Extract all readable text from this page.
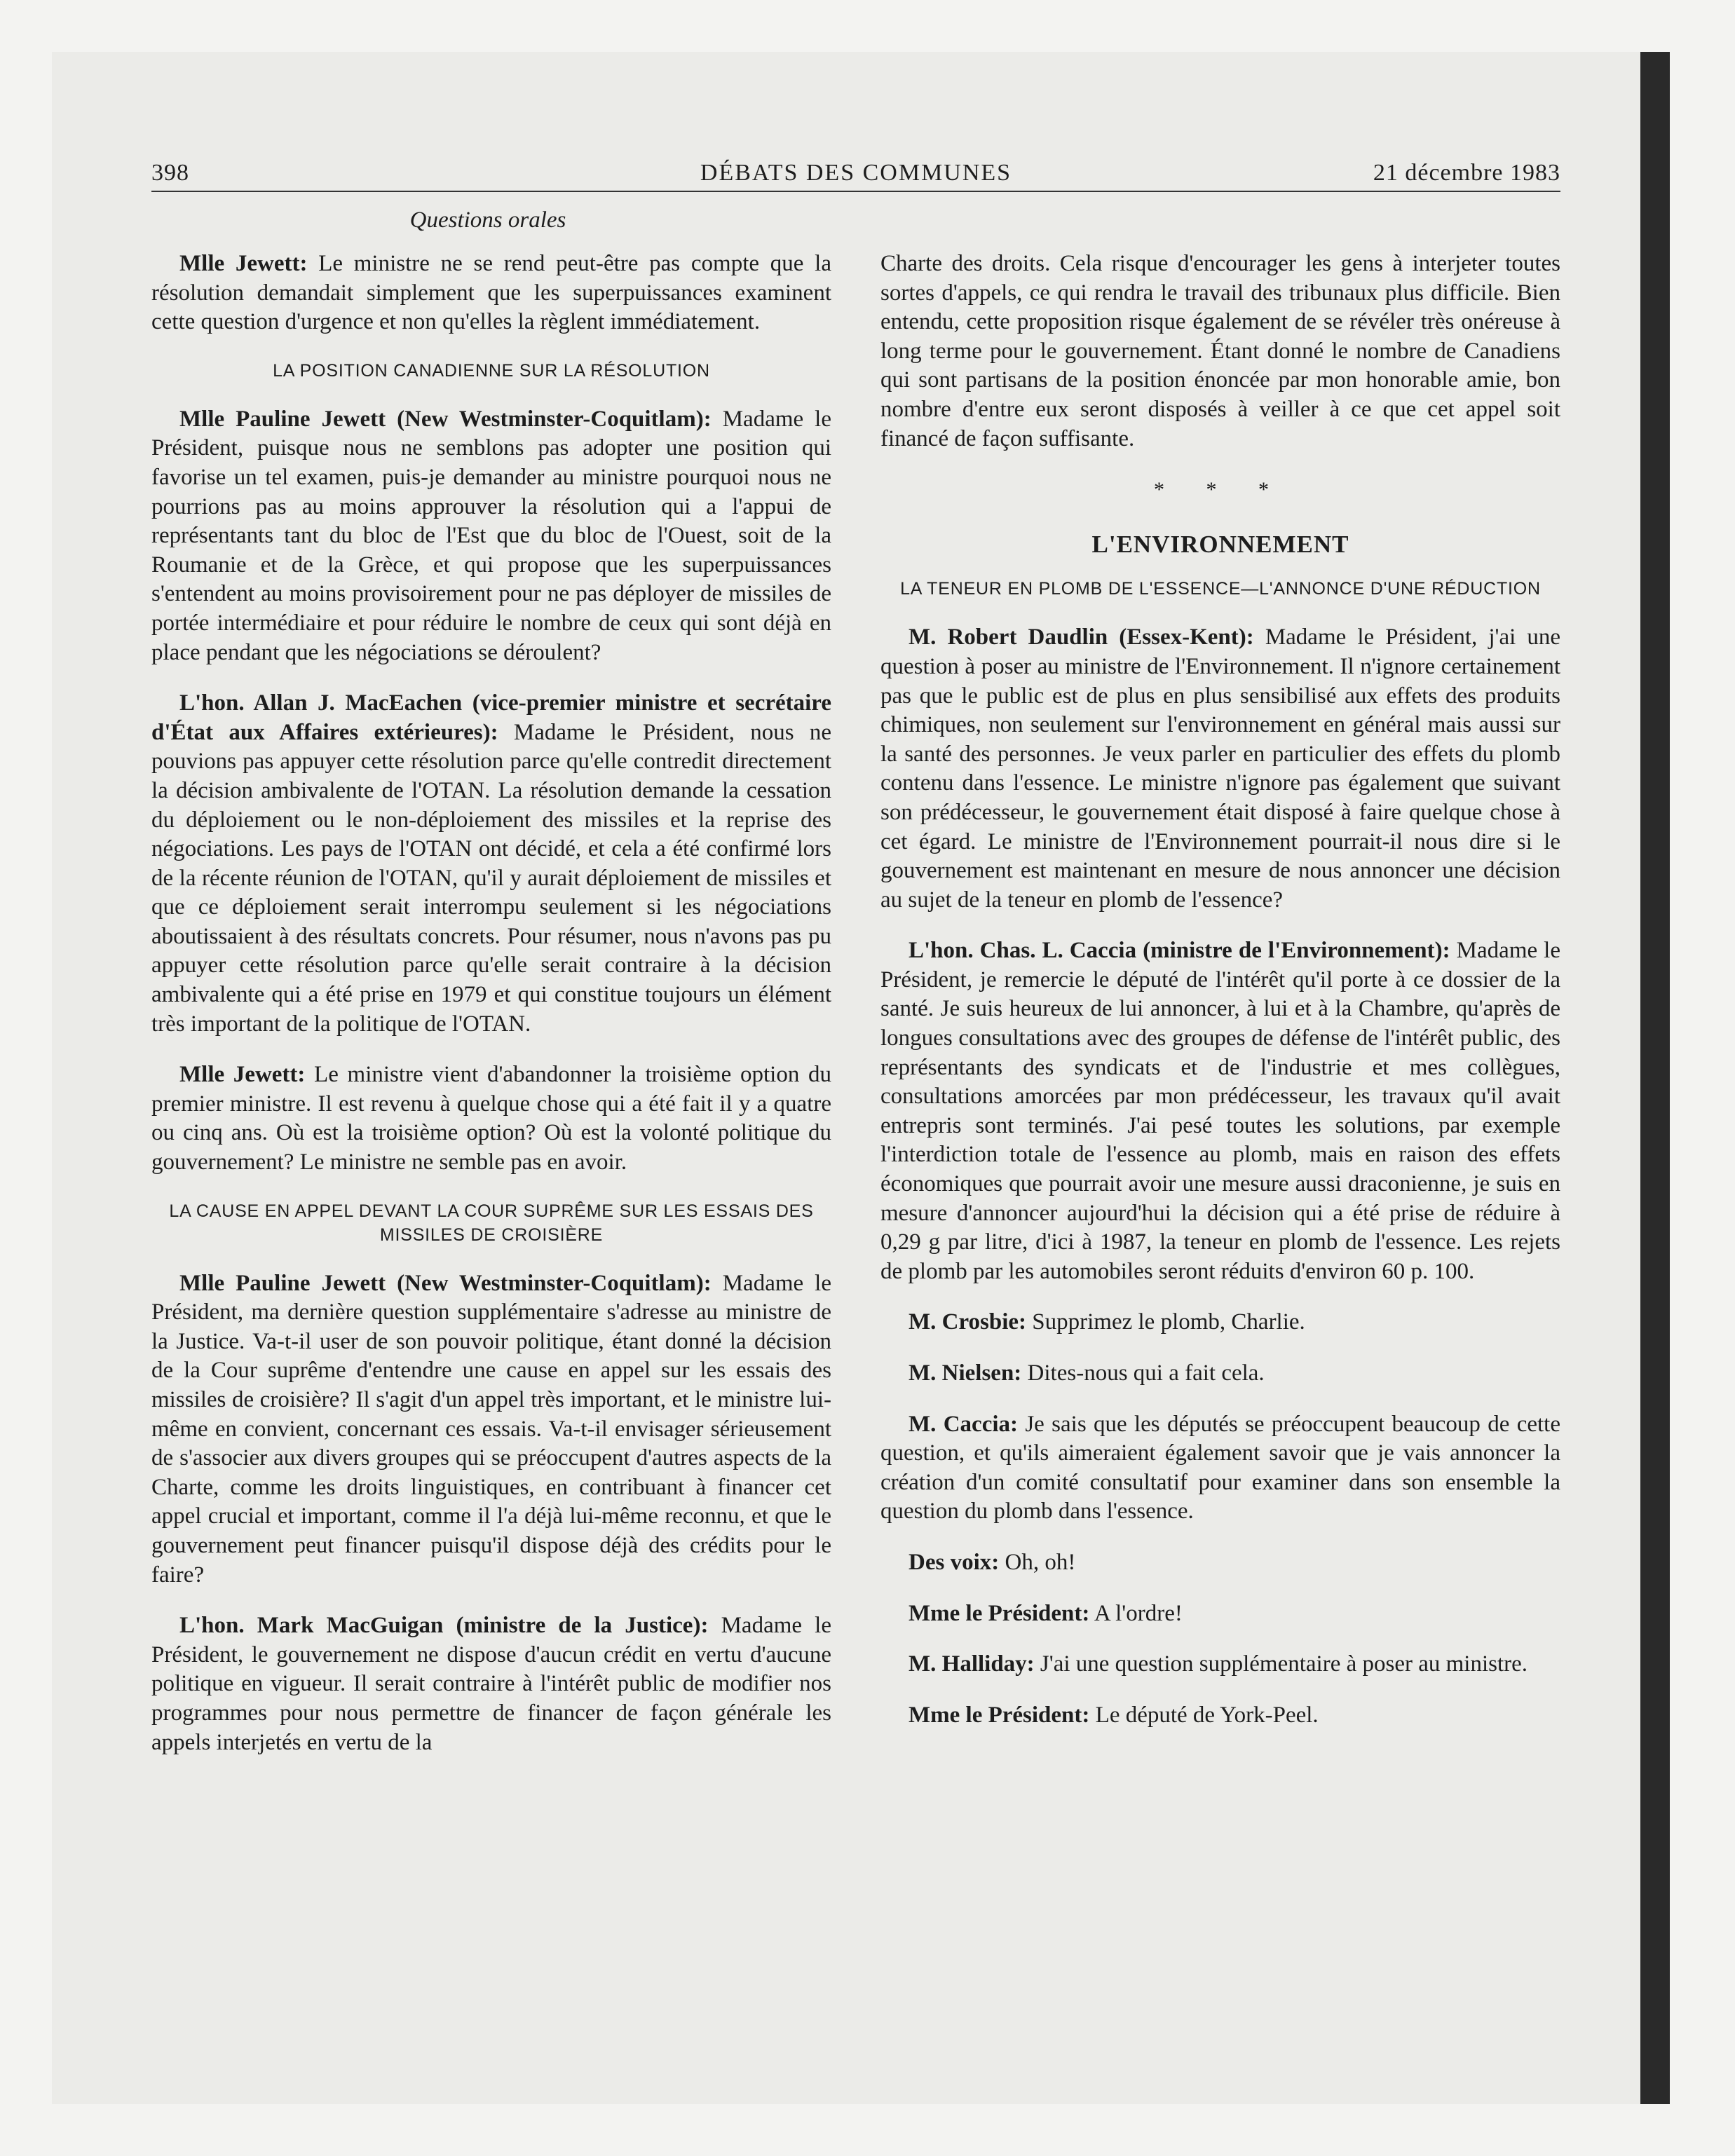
398	DÉBATS DES COMMUNES	21 décembre 1983
Questions orales

Mlle Jewett: Le ministre ne se rend peut-être pas compte que la résolution demandait simplement que les superpuissances examinent cette question d'urgence et non qu'elles la règlent immédiatement.

LA POSITION CANADIENNE SUR LA RÉSOLUTION

Mlle Pauline Jewett (New Westminster-Coquitlam): Madame le Président, puisque nous ne semblons pas adopter une position qui favorise un tel examen, puis-je demander au ministre pourquoi nous ne pourrions pas au moins approuver la résolution qui a l'appui de représentants tant du bloc de l'Est que du bloc de l'Ouest, soit de la Roumanie et de la Grèce, et qui propose que les superpuissances s'entendent au moins provisoirement pour ne pas déployer de missiles de portée intermédiaire et pour réduire le nombre de ceux qui sont déjà en place pendant que les négociations se déroulent?

L'hon. Allan J. MacEachen (vice-premier ministre et secrétaire d'État aux Affaires extérieures): Madame le Président, nous ne pouvions pas appuyer cette résolution parce qu'elle contredit directement la décision ambivalente de l'OTAN. La résolution demande la cessation du déploiement ou le non-déploiement des missiles et la reprise des négociations. Les pays de l'OTAN ont décidé, et cela a été confirmé lors de la récente réunion de l'OTAN, qu'il y aurait déploiement de missiles et que ce déploiement serait interrompu seulement si les négociations aboutissaient à des résultats concrets. Pour résumer, nous n'avons pas pu appuyer cette résolution parce qu'elle serait contraire à la décision ambivalente qui a été prise en 1979 et qui constitue toujours un élément très important de la politique de l'OTAN.

Mlle Jewett: Le ministre vient d'abandonner la troisième option du premier ministre. Il est revenu à quelque chose qui a été fait il y a quatre ou cinq ans. Où est la troisième option? Où est la volonté politique du gouvernement? Le ministre ne semble pas en avoir.

LA CAUSE EN APPEL DEVANT LA COUR SUPRÊME SUR LES ESSAIS DES MISSILES DE CROISIÈRE

Mlle Pauline Jewett (New Westminster-Coquitlam): Madame le Président, ma dernière question supplémentaire s'adresse au ministre de la Justice. Va-t-il user de son pouvoir politique, étant donné la décision de la Cour suprême d'entendre une cause en appel sur les essais des missiles de croisière? Il s'agit d'un appel très important, et le ministre lui-même en convient, concernant ces essais. Va-t-il envisager sérieusement de s'associer aux divers groupes qui se préoccupent d'autres aspects de la Charte, comme les droits linguistiques, en contribuant à financer cet appel crucial et important, comme il l'a déjà lui-même reconnu, et que le gouvernement peut financer puisqu'il dispose déjà des crédits pour le faire?

L'hon. Mark MacGuigan (ministre de la Justice): Madame le Président, le gouvernement ne dispose d'aucun crédit en vertu d'aucune politique en vigueur. Il serait contraire à l'intérêt public de modifier nos programmes pour nous permettre de financer de façon générale les appels interjetés en vertu de la

Charte des droits. Cela risque d'encourager les gens à interjeter toutes sortes d'appels, ce qui rendra le travail des tribunaux plus difficile. Bien entendu, cette proposition risque également de se révéler très onéreuse à long terme pour le gouvernement. Étant donné le nombre de Canadiens qui sont partisans de la position énoncée par mon honorable amie, bon nombre d'entre eux seront disposés à veiller à ce que cet appel soit financé de façon suffisante.

* * *
L'ENVIRONNEMENT
LA TENEUR EN PLOMB DE L'ESSENCE—L'ANNONCE D'UNE RÉDUCTION

M. Robert Daudlin (Essex-Kent): Madame le Président, j'ai une question à poser au ministre de l'Environnement. Il n'ignore certainement pas que le public est de plus en plus sensibilisé aux effets des produits chimiques, non seulement sur l'environnement en général mais aussi sur la santé des personnes. Je veux parler en particulier des effets du plomb contenu dans l'essence. Le ministre n'ignore pas également que suivant son prédécesseur, le gouvernement était disposé à faire quelque chose à cet égard. Le ministre de l'Environnement pourrait-il nous dire si le gouvernement est maintenant en mesure de nous annoncer une décision au sujet de la teneur en plomb de l'essence?

L'hon. Chas. L. Caccia (ministre de l'Environnement): Madame le Président, je remercie le député de l'intérêt qu'il porte à ce dossier de la santé. Je suis heureux de lui annoncer, à lui et à la Chambre, qu'après de longues consultations avec des groupes de défense de l'intérêt public, des représentants des syndicats et de l'industrie et mes collègues, consultations amorcées par mon prédécesseur, les travaux qu'il avait entrepris sont terminés. J'ai pesé toutes les solutions, par exemple l'interdiction totale de l'essence au plomb, mais en raison des effets économiques que pourrait avoir une mesure aussi draconienne, je suis en mesure d'annoncer aujourd'hui la décision qui a été prise de réduire à 0,29 g par litre, d'ici à 1987, la teneur en plomb de l'essence. Les rejets de plomb par les automobiles seront réduits d'environ 60 p. 100.

M. Crosbie: Supprimez le plomb, Charlie.

M. Nielsen: Dites-nous qui a fait cela.

M. Caccia: Je sais que les députés se préoccupent beaucoup de cette question, et qu'ils aimeraient également savoir que je vais annoncer la création d'un comité consultatif pour examiner dans son ensemble la question du plomb dans l'essence.

Des voix: Oh, oh!

Mme le Président: A l'ordre!

M. Halliday: J'ai une question supplémentaire à poser au ministre.

Mme le Président: Le député de York-Peel.
